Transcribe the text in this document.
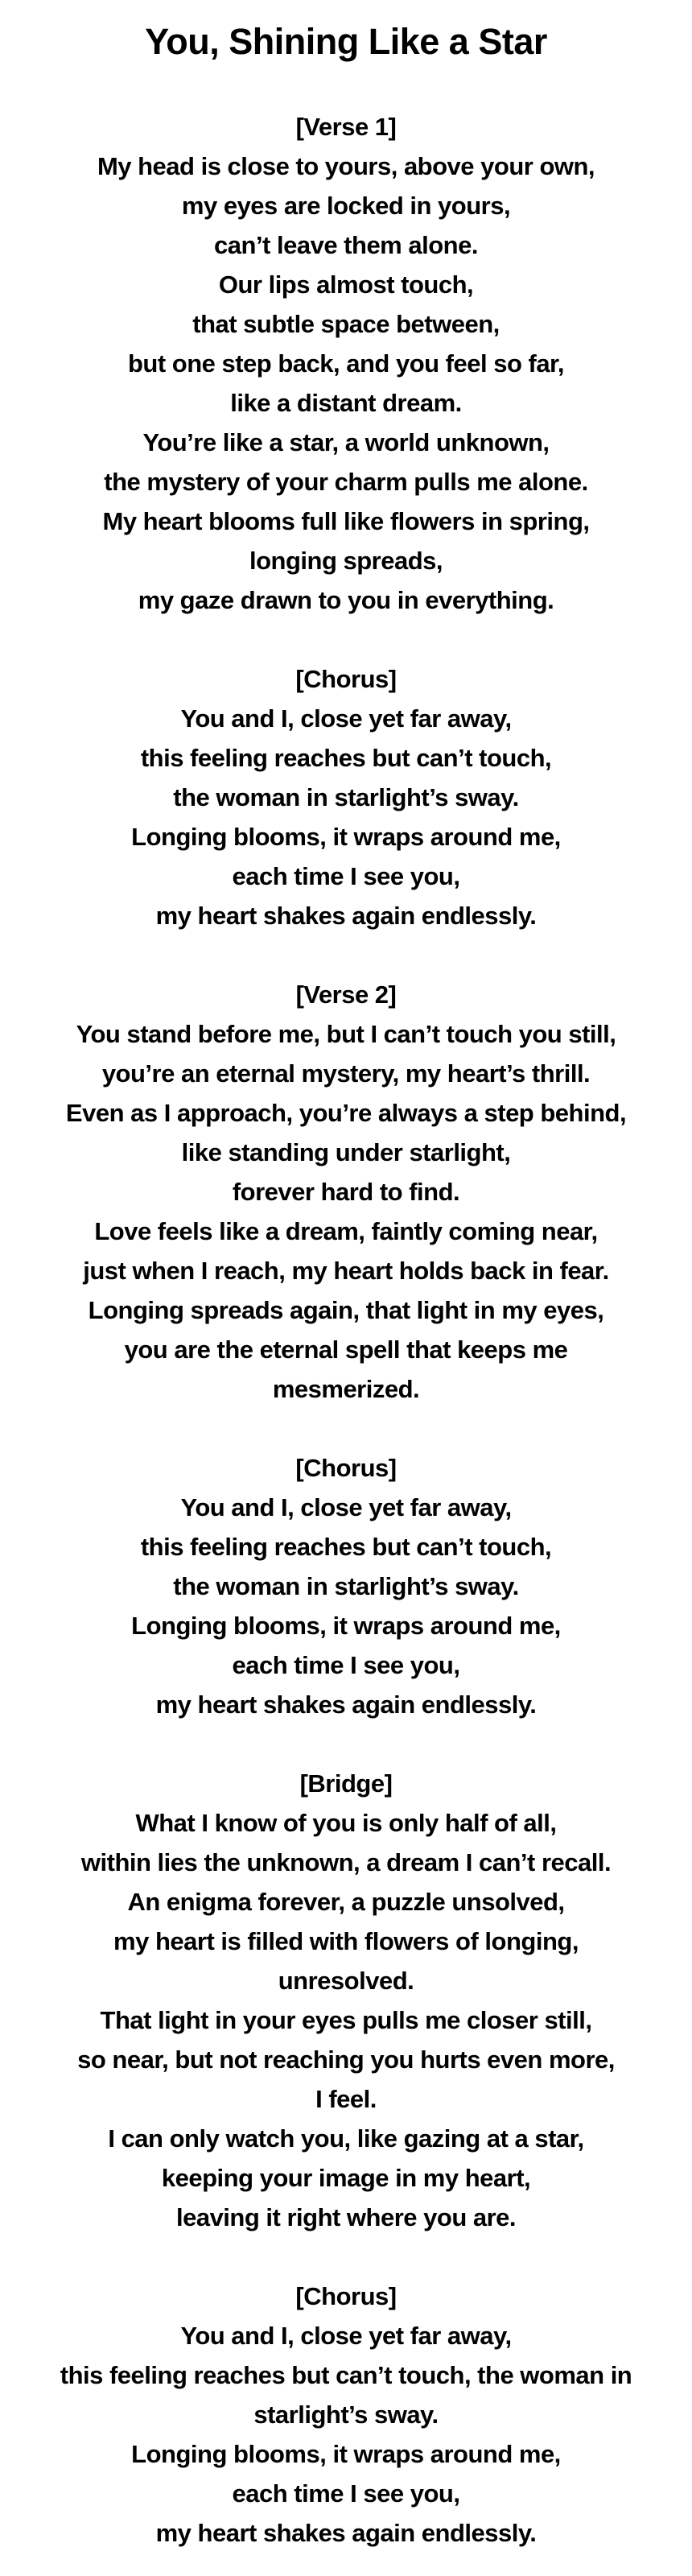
You, Shining Like a Star
[Verse 1]
My head is close to yours, above your own,
my eyes are locked in yours,
can’t leave them alone.
Our lips almost touch,
that subtle space between,
but one step back, and you feel so far,
like a distant dream.
You’re like a star, a world unknown,
the mystery of your charm pulls me alone.
My heart blooms full like flowers in spring,
longing spreads,
my gaze drawn to you in everything.
[Chorus]
You and I, close yet far away,
this feeling reaches but can’t touch,
the woman in starlight’s sway.
Longing blooms, it wraps around me,
each time I see you,
my heart shakes again endlessly.
[Verse 2]
You stand before me, but I can’t touch you still,
you’re an eternal mystery, my heart’s thrill.
Even as I approach, you’re always a step behind,
like standing under starlight,
forever hard to find.
Love feels like a dream, faintly coming near,
just when I reach, my heart holds back in fear.
Longing spreads again, that light in my eyes,
you are the eternal spell that keeps me
mesmerized.
[Chorus]
You and I, close yet far away,
this feeling reaches but can’t touch,
the woman in starlight’s sway.
Longing blooms, it wraps around me,
each time I see you,
my heart shakes again endlessly.
[Bridge]
What I know of you is only half of all,
within lies the unknown, a dream I can’t recall.
An enigma forever, a puzzle unsolved,
my heart is filled with flowers of longing,
unresolved.
That light in your eyes pulls me closer still,
so near, but not reaching you hurts even more,
I feel.
I can only watch you, like gazing at a star,
keeping your image in my heart,
leaving it right where you are.
[Chorus]
You and I, close yet far away,
this feeling reaches but can’t touch, the woman in
starlight’s sway.
Longing blooms, it wraps around me,
each time I see you,
my heart shakes again endlessly.
